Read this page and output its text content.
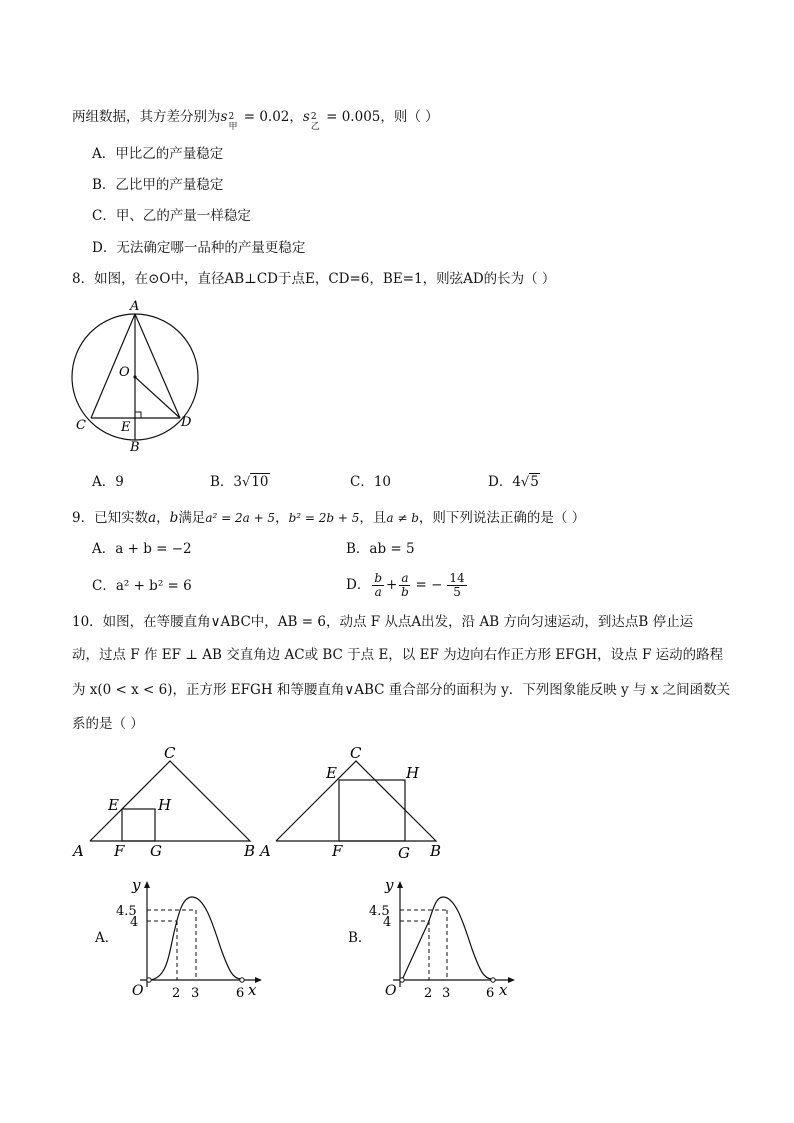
两组数据，其方差分别为s 2
甲
= 0.02，s 2
乙
= 0.005，则（ ）
A．甲比乙的产量稳定
B．乙比甲的产量稳定
C．甲、乙的产量一样稳定
D．无法确定哪一品种的产量更稳定
8．如图，在⊙O中，直径AB⊥CD于点E，CD=6，BE=1，则弦AD的长为（ ）
A
O
C	E	D
B
A．9	B．3√10	C．10	D．4√5
9．已知实数a，b满足a² = 2a + 5，b² = 2b + 5，且a ≠ b，则下列说法正确的是（ ）
A．a + b = −2	B．ab = 5
C．a² + b² = 6	D． $\frac{b}{a} + \frac{a}{b}$ = − $\frac{14}{5}$
10．如图，在等腰直角∨ABC中，AB = 6，动点 F 从点A出发，沿 AB 方向匀速运动，到达点B 停止运
动，过点 F 作 EF ⊥ AB 交直角边 AC或 BC 于点 E，以 EF 为边向右作正方形 EFGH，设点 F 运动的路程
为 x(0 < x < 6)，正方形 EFGH 和等腰直角∨ABC 重合部分的面积为 y．下列图象能反映 y 与 x 之间函数关
系的是（ ）
C
E	H
A F G	B
C
E	H
A	F	G B
A．
y
4.5
4
O 2 3	6 x
B．
y
4.5
4
O 2 3	6 x
